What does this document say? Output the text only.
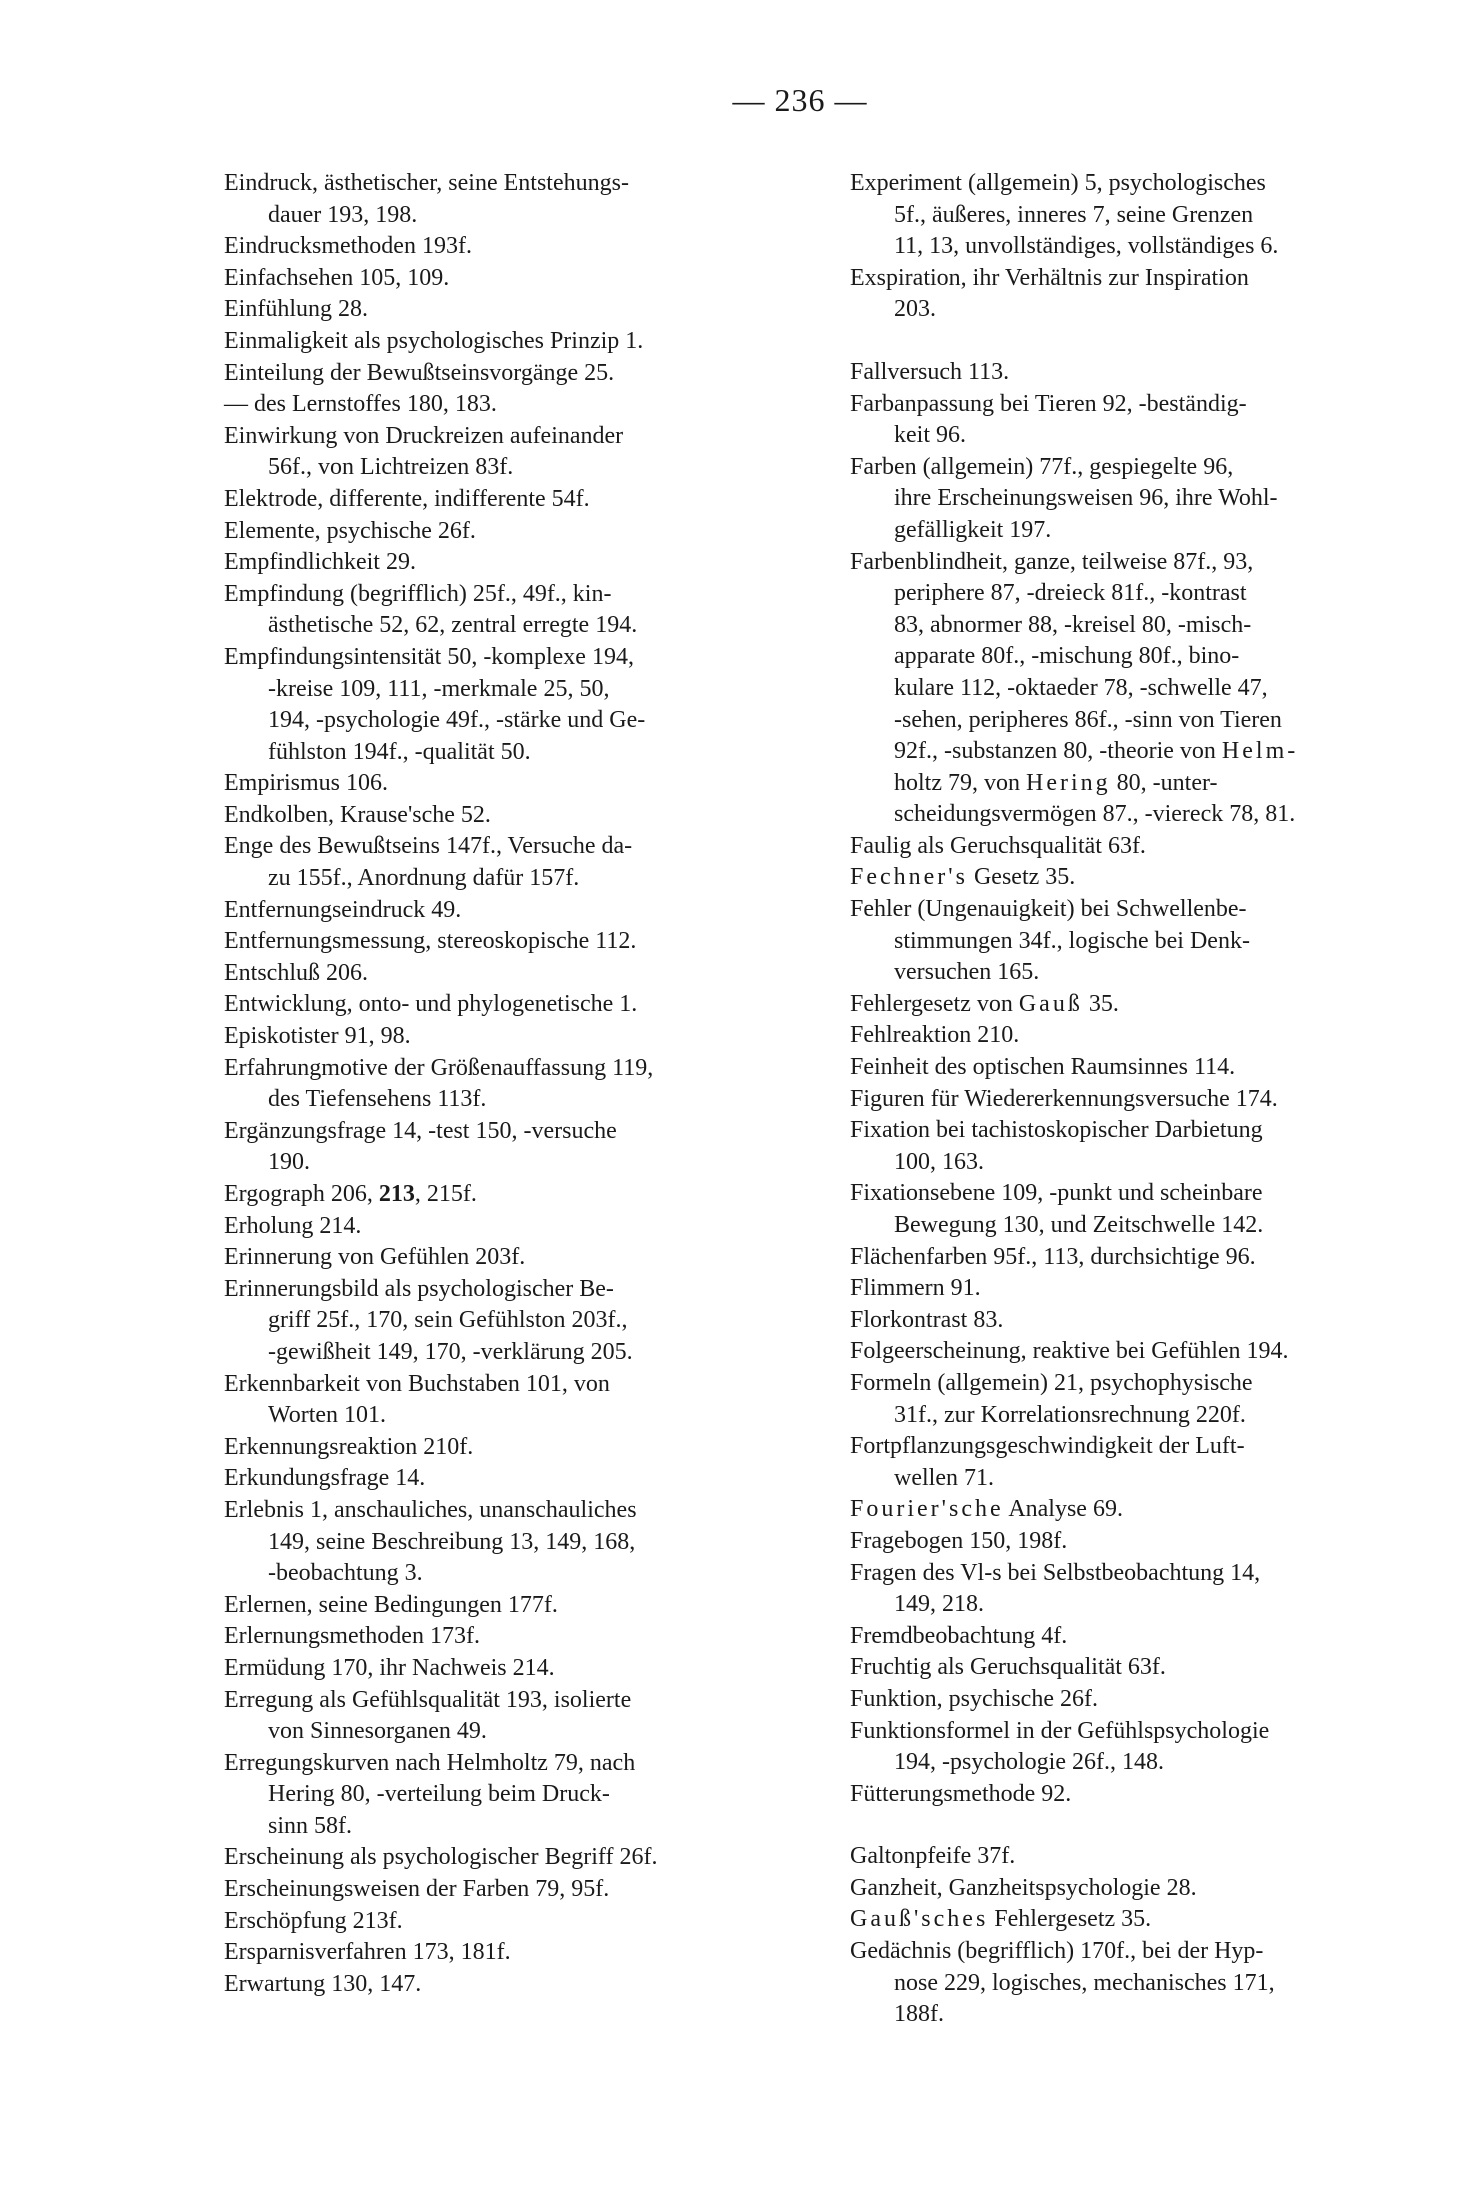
— 236 —
Eindruck, ästhetischer, seine Entstehungs-
dauer 193, 198.
Eindrucksmethoden 193f.
Einfachsehen 105, 109.
Einfühlung 28.
Einmaligkeit als psychologisches Prinzip 1.
Einteilung der Bewußtseinsvorgänge 25.
— des Lernstoffes 180, 183.
Einwirkung von Druckreizen aufeinander
56f., von Lichtreizen 83f.
Elektrode, differente, indifferente 54f.
Elemente, psychische 26f.
Empfindlichkeit 29.
Empfindung (begrifflich) 25f., 49f., kin-
ästhetische 52, 62, zentral erregte 194.
Empfindungsintensität 50, -komplexe 194,
-kreise 109, 111, -merkmale 25, 50,
194, -psychologie 49f., -stärke und Ge-
fühlston 194f., -qualität 50.
Empirismus 106.
Endkolben, Krause'sche 52.
Enge des Bewußtseins 147f., Versuche da-
zu 155f., Anordnung dafür 157f.
Entfernungseindruck 49.
Entfernungsmessung, stereoskopische 112.
Entschluß 206.
Entwicklung, onto- und phylogenetische 1.
Episkotister 91, 98.
Erfahrungmotive der Größenauffassung 119,
des Tiefensehens 113f.
Ergänzungsfrage 14, -test 150, -versuche
190.
Ergograph 206, 213, 215f.
Erholung 214.
Erinnerung von Gefühlen 203f.
Erinnerungsbild als psychologischer Be-
griff 25f., 170, sein Gefühlston 203f.,
-gewißheit 149, 170, -verklärung 205.
Erkennbarkeit von Buchstaben 101, von
Worten 101.
Erkennungsreaktion 210f.
Erkundungsfrage 14.
Erlebnis 1, anschauliches, unanschauliches
149, seine Beschreibung 13, 149, 168,
-beobachtung 3.
Erlernen, seine Bedingungen 177f.
Erlernungsmethoden 173f.
Ermüdung 170, ihr Nachweis 214.
Erregung als Gefühlsqualität 193, isolierte
von Sinnesorganen 49.
Erregungskurven nach Helmholtz 79, nach
Hering 80, -verteilung beim Druck-
sinn 58f.
Erscheinung als psychologischer Begriff 26f.
Erscheinungsweisen der Farben 79, 95f.
Erschöpfung 213f.
Ersparnisverfahren 173, 181f.
Erwartung 130, 147.
Experiment (allgemein) 5, psychologisches
5f., äußeres, inneres 7, seine Grenzen
11, 13, unvollständiges, vollständiges 6.
Exspiration, ihr Verhältnis zur Inspiration
203.
Fallversuch 113.
Farbanpassung bei Tieren 92, -beständig-
keit 96.
Farben (allgemein) 77f., gespiegelte 96,
ihre Erscheinungsweisen 96, ihre Wohl-
gefälligkeit 197.
Farbenblindheit, ganze, teilweise 87f., 93,
periphere 87, -dreieck 81f., -kontrast
83, abnormer 88, -kreisel 80, -misch-
apparate 80f., -mischung 80f., bino-
kulare 112, -oktaeder 78, -schwelle 47,
-sehen, peripheres 86f., -sinn von Tieren
92f., -substanzen 80, -theorie von Helm-
holtz 79, von Hering 80, -unter-
scheidungsvermögen 87., -viereck 78, 81.
Faulig als Geruchsqualität 63f.
Fechner's Gesetz 35.
Fehler (Ungenauigkeit) bei Schwellenbe-
stimmungen 34f., logische bei Denk-
versuchen 165.
Fehlergesetz von Gauß 35.
Fehlreaktion 210.
Feinheit des optischen Raumsinnes 114.
Figuren für Wiedererkennungsversuche 174.
Fixation bei tachistoskopischer Darbietung
100, 163.
Fixationsebene 109, -punkt und scheinbare
Bewegung 130, und Zeitschwelle 142.
Flächenfarben 95f., 113, durchsichtige 96.
Flimmern 91.
Florkontrast 83.
Folgeerscheinung, reaktive bei Gefühlen 194.
Formeln (allgemein) 21, psychophysische
31f., zur Korrelationsrechnung 220f.
Fortpflanzungsgeschwindigkeit der Luft-
wellen 71.
Fourier'sche Analyse 69.
Fragebogen 150, 198f.
Fragen des Vl-s bei Selbstbeobachtung 14,
149, 218.
Fremdbeobachtung 4f.
Fruchtig als Geruchsqualität 63f.
Funktion, psychische 26f.
Funktionsformel in der Gefühlspsychologie
194, -psychologie 26f., 148.
Fütterungsmethode 92.
Galtonpfeife 37f.
Ganzheit, Ganzheitspsychologie 28.
Gauß'sches Fehlergesetz 35.
Gedächnis (begrifflich) 170f., bei der Hyp-
nose 229, logisches, mechanisches 171,
188f.
